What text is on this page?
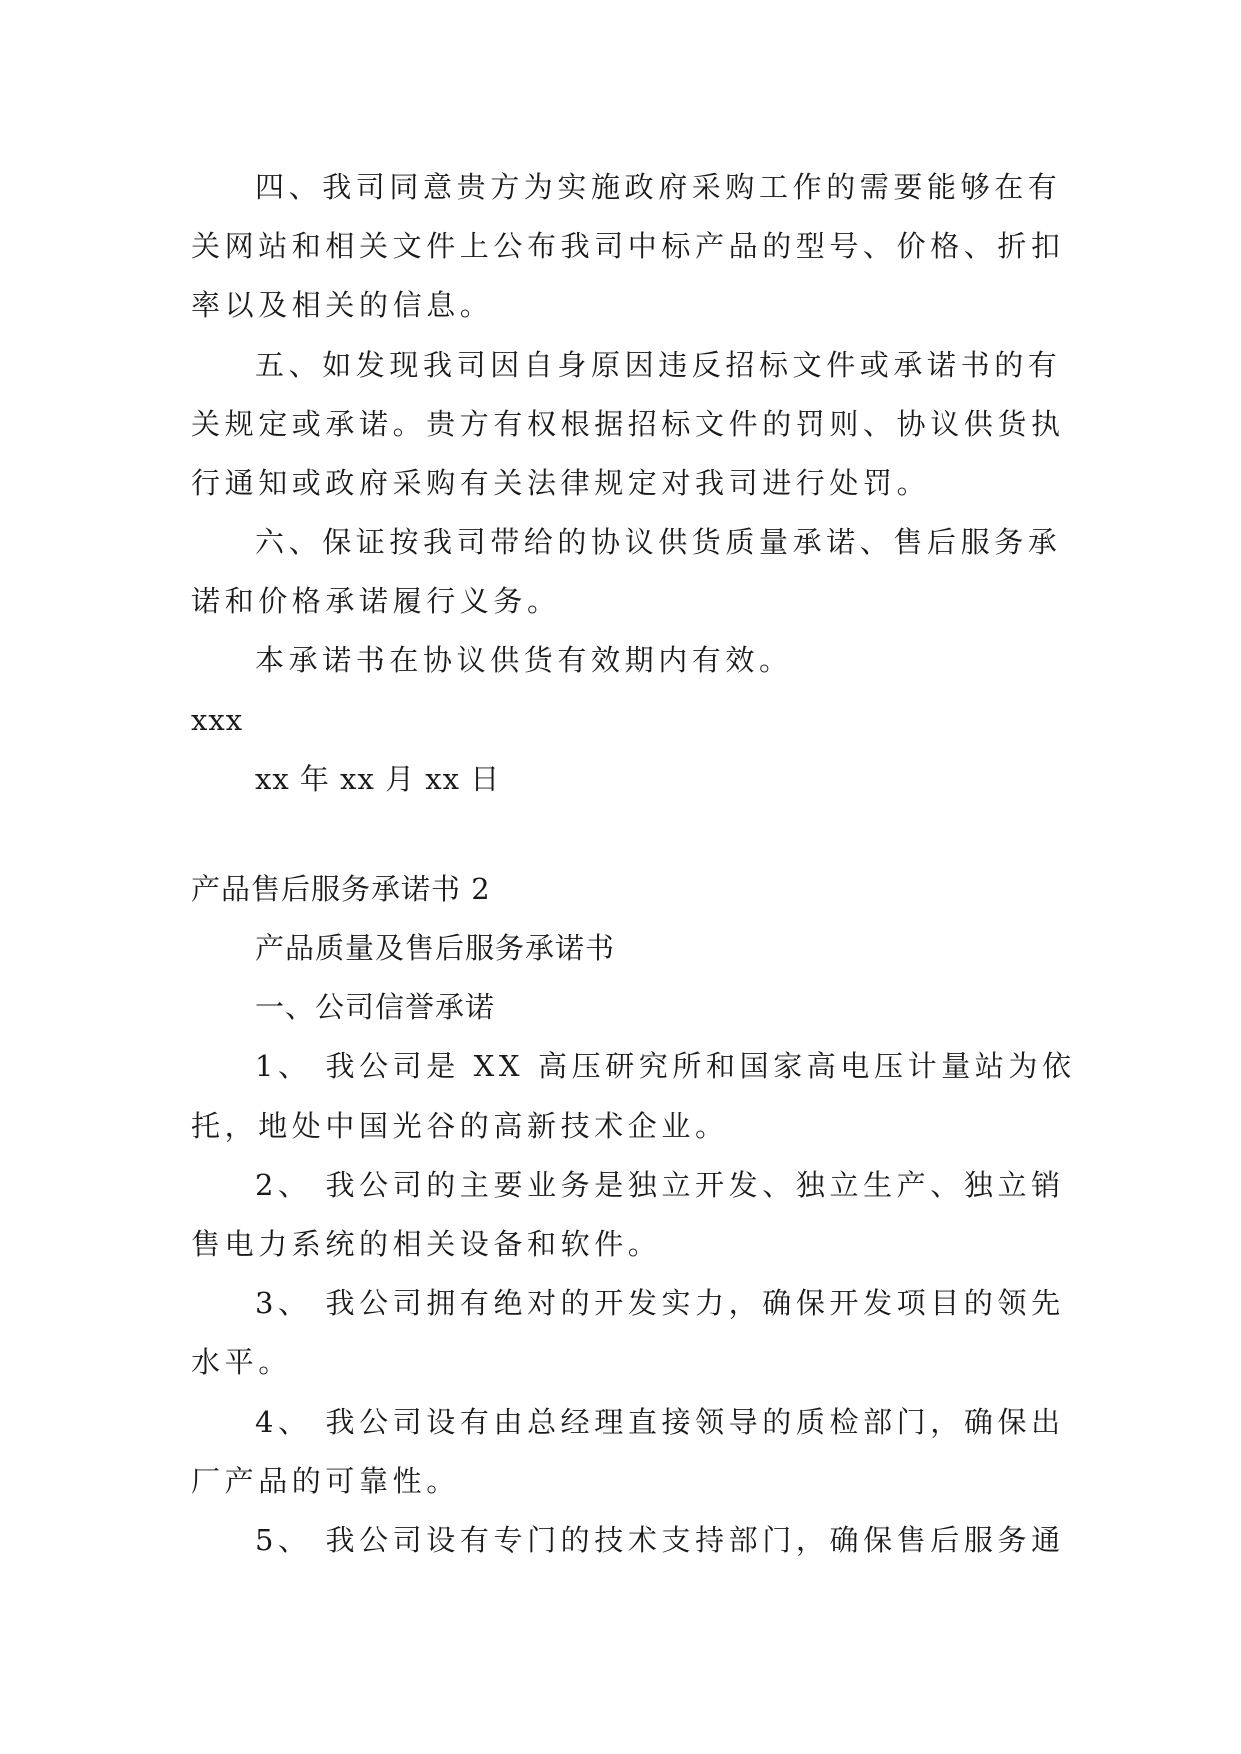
四、我司同意贵方为实施政府采购工作的需要能够在有
关网站和相关文件上公布我司中标产品的型号、价格、折扣
率以及相关的信息。
五、如发现我司因自身原因违反招标文件或承诺书的有
关规定或承诺。贵方有权根据招标文件的罚则、协议供货执
行通知或政府采购有关法律规定对我司进行处罚。
六、保证按我司带给的协议供货质量承诺、售后服务承
诺和价格承诺履行义务。
本承诺书在协议供货有效期内有效。
xxx
xx 年 xx 月 xx 日
产品售后服务承诺书 2
产品质量及售后服务承诺书
一、公司信誉承诺
1、 我公司是 XX 高压研究所和国家高电压计量站为依
托，地处中国光谷的高新技术企业。
2、 我公司的主要业务是独立开发、独立生产、独立销
售电力系统的相关设备和软件。
3、 我公司拥有绝对的开发实力，确保开发项目的领先
水平。
4、 我公司设有由总经理直接领导的质检部门，确保出
厂产品的可靠性。
5、 我公司设有专门的技术支持部门，确保售后服务通
